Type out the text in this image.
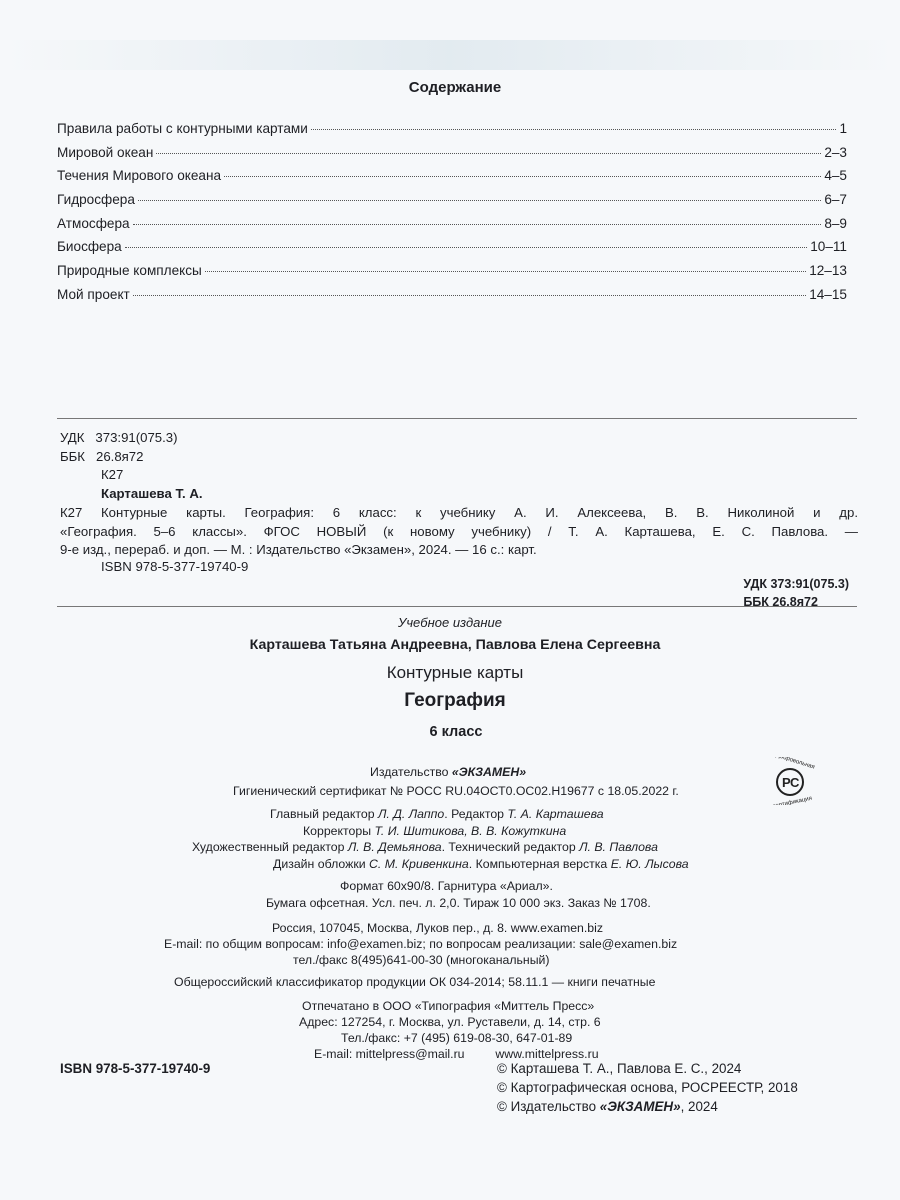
Содержание
Правила работы с контурными картами	1
Мировой океан	2–3
Течения Мирового океана	4–5
Гидросфера	6–7
Атмосфера	8–9
Биосфера	10–11
Природные комплексы	12–13
Мой проект	14–15
УДК 373:91(075.3)
ББК 26.8я72
К27
Карташева Т. А.
К27 Контурные карты. География: 6 класс: к учебнику А. И. Алексеева, В. В. Николиной и др.
«География. 5–6 классы». ФГОС НОВЫЙ (к новому учебнику) / Т. А. Карташева, Е. С. Павлова. —
9-е изд., перераб. и доп. — М. : Издательство «Экзамен», 2024. — 16 с.: карт.
ISBN 978-5-377-19740-9
УДК 373:91(075.3)
ББК 26.8я72
Учебное издание
Карташева Татьяна Андреевна, Павлова Елена Сергеевна
Контурные карты
География
6 класс
Издательство «ЭКЗАМЕН»
Гигиенический сертификат № РОСС RU.04ОСТ0.ОС02.Н19677 с 18.05.2022 г.
Главный редактор Л. Д. Лаппо. Редактор Т. А. Карташева
Корректоры Т. И. Шитикова, В. В. Кожуткина
Художественный редактор Л. В. Демьянова. Технический редактор Л. В. Павлова
Дизайн обложки С. М. Кривенкина. Компьютерная верстка Е. Ю. Лысова
Формат 60x90/8. Гарнитура «Ариал».
Бумага офсетная. Усл. печ. л. 2,0. Тираж 10 000 экз. Заказ № 1708.
Россия, 107045, Москва, Луков пер., д. 8. www.examen.biz
E-mail: по общим вопросам: info@examen.biz; по вопросам реализации: sale@examen.biz
тел./факс 8(495)641-00-30 (многоканальный)
Общероссийский классификатор продукции ОК 034-2014; 58.11.1 — книги печатные
Отпечатано в ООО «Типография «Миттель Пресс»
Адрес: 127254, г. Москва, ул. Руставели, д. 14, стр. 6
Тел./факс: +7 (495) 619-08-30, 647-01-89
E-mail: mittelpress@mail.ru	www.mittelpress.ru
Р С
Добровольная
сертификация
ISBN 978-5-377-19740-9	© Карташева Т. А., Павлова Е. С., 2024
© Картографическая основа, РОСРЕЕСТР, 2018
© Издательство «ЭКЗАМЕН», 2024
